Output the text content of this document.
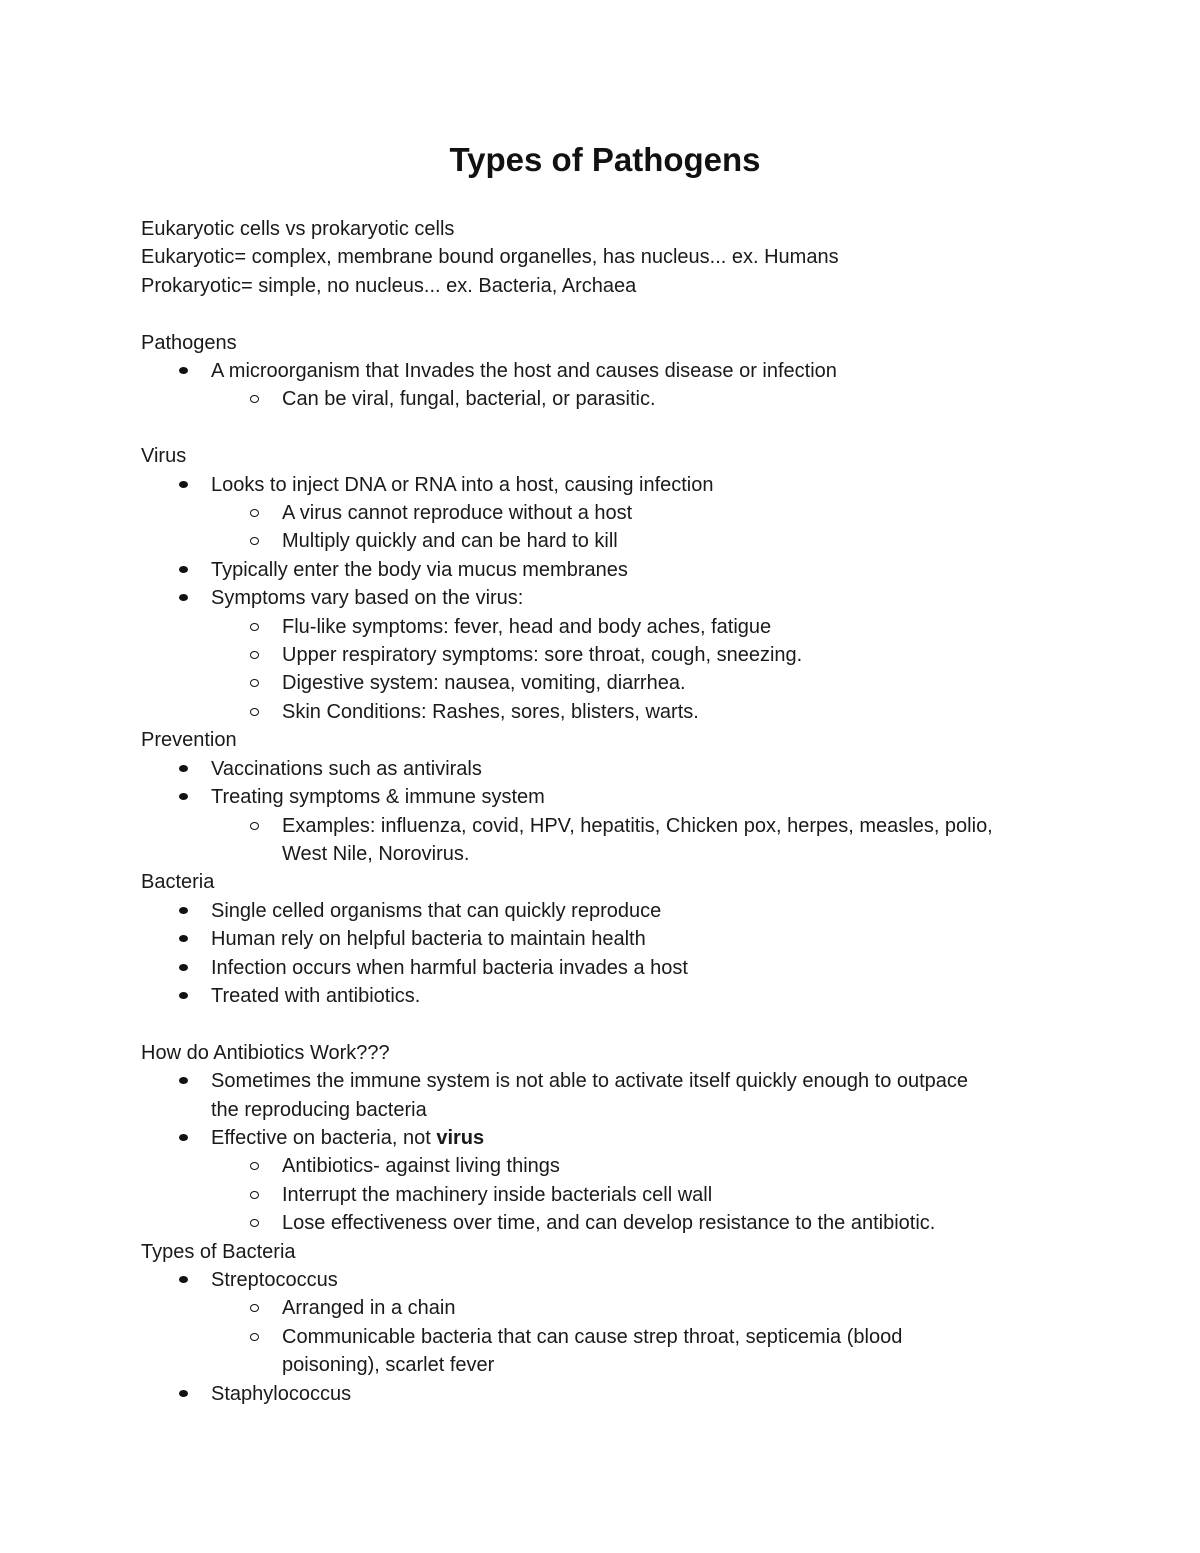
Types of Pathogens

Eukaryotic cells vs prokaryotic cells

Eukaryotic= complex, membrane bound organelles, has nucleus... ex. Humans

Prokaryotic= simple, no nucleus... ex. Bacteria, Archaea

Pathogens

A microorganism that Invades the host and causes disease or infection
Can be viral, fungal, bacterial, or parasitic.

Virus

Looks to inject DNA or RNA into a host, causing infection
A virus cannot reproduce without a host
Multiply quickly and can be hard to kill
Typically enter the body via mucus membranes
Symptoms vary based on the virus:
Flu-like symptoms: fever, head and body aches, fatigue
Upper respiratory symptoms: sore throat, cough, sneezing.
Digestive system: nausea, vomiting, diarrhea.
Skin Conditions: Rashes, sores, blisters, warts.

Prevention

Vaccinations such as antivirals
Treating symptoms & immune system
Examples: influenza, covid, HPV, hepatitis, Chicken pox, herpes, measles, polio,
West Nile, Norovirus.

Bacteria

Single celled organisms that can quickly reproduce
Human rely on helpful bacteria to maintain health
Infection occurs when harmful bacteria invades a host
Treated with antibiotics.

How do Antibiotics Work???

Sometimes the immune system is not able to activate itself quickly enough to outpace
the reproducing bacteria
Effective on bacteria, not virus
Antibiotics- against living things
Interrupt the machinery inside bacterials cell wall
Lose effectiveness over time, and can develop resistance to the antibiotic.

Types of Bacteria

Streptococcus
Arranged in a chain
Communicable bacteria that can cause strep throat, septicemia (blood
poisoning), scarlet fever
Staphylococcus
